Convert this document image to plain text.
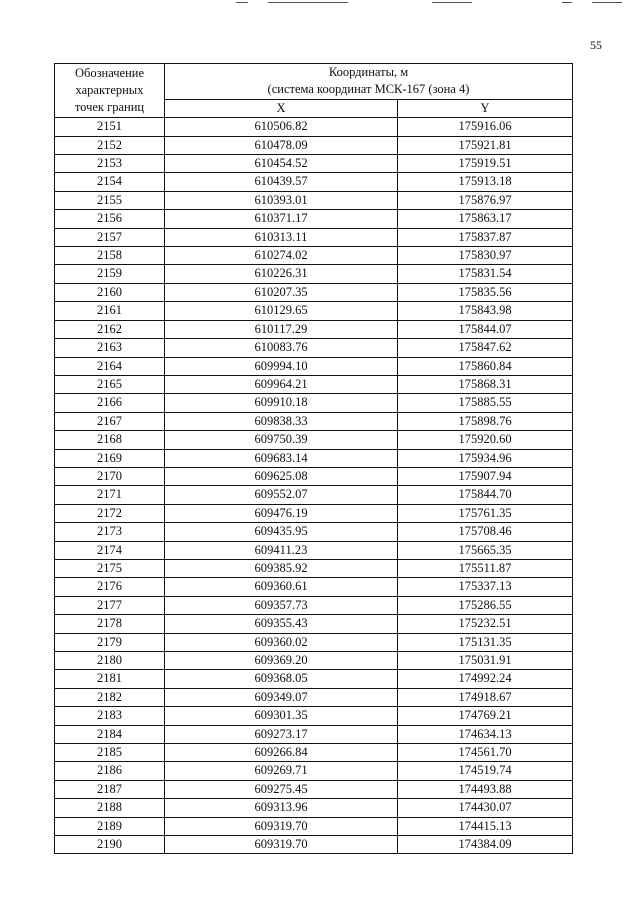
55
Обозначение
характерных
точек границ	Координаты, м
(система координат МСК-167 (зона 4)	

	X	Y
2151	610506.82	175916.06
2152	610478.09	175921.81
2153	610454.52	175919.51
2154	610439.57	175913.18
2155	610393.01	175876.97
2156	610371.17	175863.17
2157	610313.11	175837.87
2158	610274.02	175830.97
2159	610226.31	175831.54
2160	610207.35	175835.56
2161	610129.65	175843.98
2162	610117.29	175844.07
2163	610083.76	175847.62
2164	609994.10	175860.84
2165	609964.21	175868.31
2166	609910.18	175885.55
2167	609838.33	175898.76
2168	609750.39	175920.60
2169	609683.14	175934.96
2170	609625.08	175907.94
2171	609552.07	175844.70
2172	609476.19	175761.35
2173	609435.95	175708.46
2174	609411.23	175665.35
2175	609385.92	175511.87
2176	609360.61	175337.13
2177	609357.73	175286.55
2178	609355.43	175232.51
2179	609360.02	175131.35
2180	609369.20	175031.91
2181	609368.05	174992.24
2182	609349.07	174918.67
2183	609301.35	174769.21
2184	609273.17	174634.13
2185	609266.84	174561.70
2186	609269.71	174519.74
2187	609275.45	174493.88
2188	609313.96	174430.07
2189	609319.70	174415.13
2190	609319.70	174384.09
